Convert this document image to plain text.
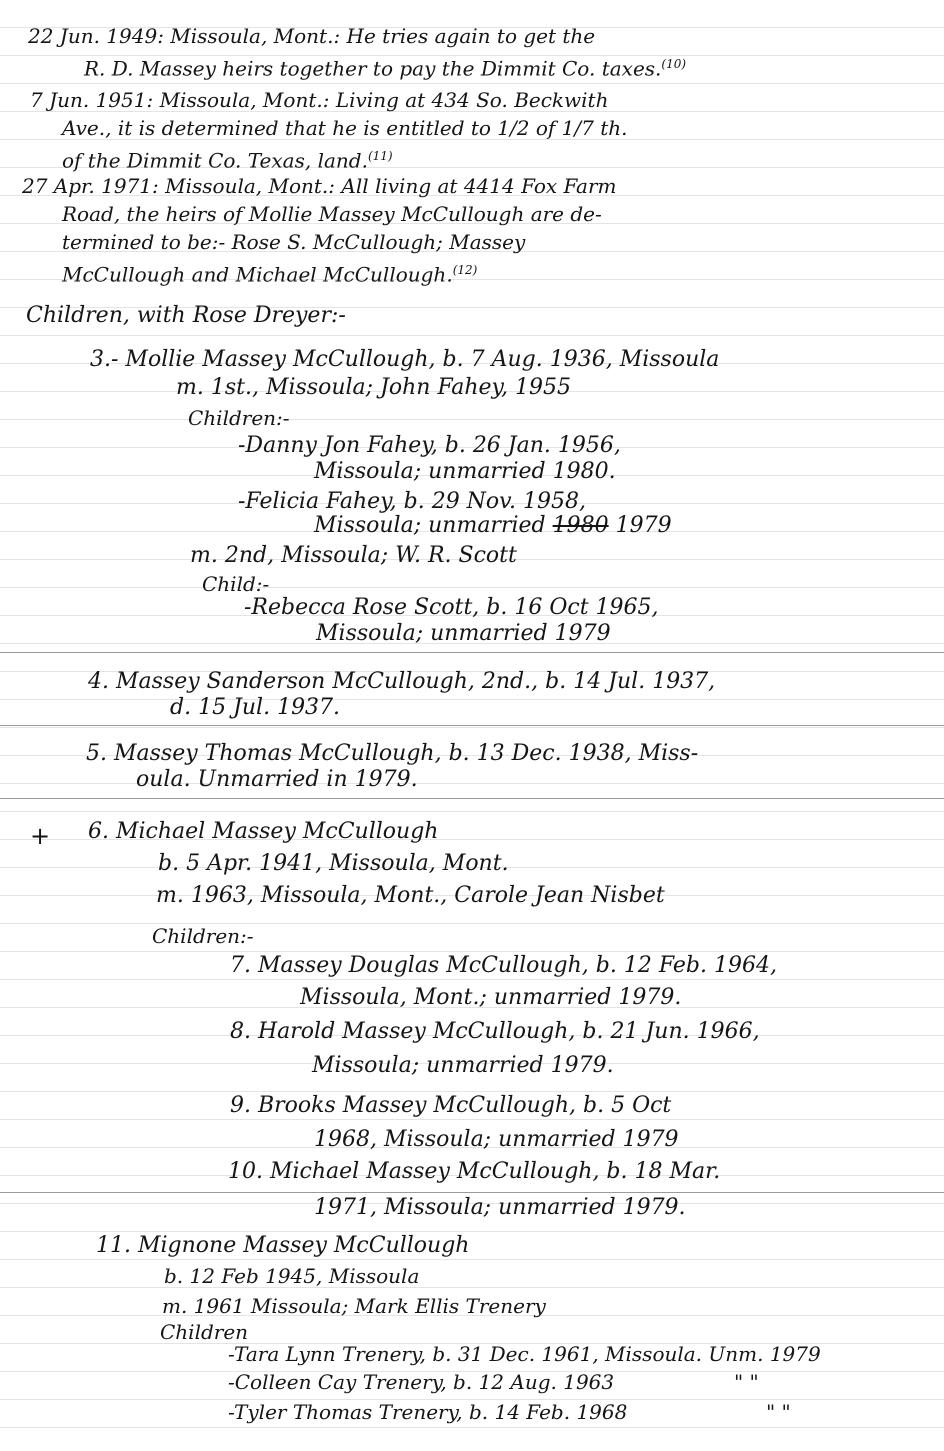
22 Jun. 1949: Missoula, Mont.: He tries again to get the
R. D. Massey heirs together to pay the Dimmit Co. taxes.$^{(10)}$
7 Jun. 1951: Missoula, Mont.: Living at 434 So. Beckwith
Ave., it is determined that he is entitled to 1/2 of 1/7 th.
of the Dimmit Co. Texas, land.$^{(11)}$
27 Apr. 1971: Missoula, Mont.: All living at 4414 Fox Farm
Road, the heirs of Mollie Massey McCullough are de-
termined to be:- Rose S. McCullough; Massey
McCullough and Michael McCullough.$^{(12)}$
Children, with Rose Dreyer:-
3.- Mollie Massey McCullough, b. 7 Aug. 1936, Missoula
m. 1st., Missoula; John Fahey, 1955
Children:-
-Danny Jon Fahey, b. 26 Jan. 1956,
Missoula; unmarried 1980.
-Felicia Fahey, b. 29 Nov. 1958,
Missoula; unmarried 1980 1979
m. 2nd, Missoula; W. R. Scott
Child:-
-Rebecca Rose Scott, b. 16 Oct 1965,
Missoula; unmarried 1979
4. Massey Sanderson McCullough, 2nd., b. 14 Jul. 1937,
d. 15 Jul. 1937.
5. Massey Thomas McCullough, b. 13 Dec. 1938, Miss-
oula. Unmarried in 1979.
+ 6. Michael Massey McCullough
b. 5 Apr. 1941, Missoula, Mont.
m. 1963, Missoula, Mont., Carole Jean Nisbet
Children:-
7. Massey Douglas McCullough, b. 12 Feb. 1964,
Missoula, Mont.; unmarried 1979.
8. Harold Massey McCullough, b. 21 Jun. 1966,
Missoula; unmarried 1979.
9. Brooks Massey McCullough, b. 5 Oct
1968, Missoula; unmarried 1979
10. Michael Massey McCullough, b. 18 Mar.
1971, Missoula; unmarried 1979.
11. Mignone Massey McCullough
b. 12 Feb 1945, Missoula
m. 1961 Missoula; Mark Ellis Trenery
Children
-Tara Lynn Trenery, b. 31 Dec. 1961, Missoula. Unm. 1979
-Colleen Cay Trenery, b. 12 Aug. 1963	" "
-Tyler Thomas Trenery, b. 14 Feb. 1968	" "
